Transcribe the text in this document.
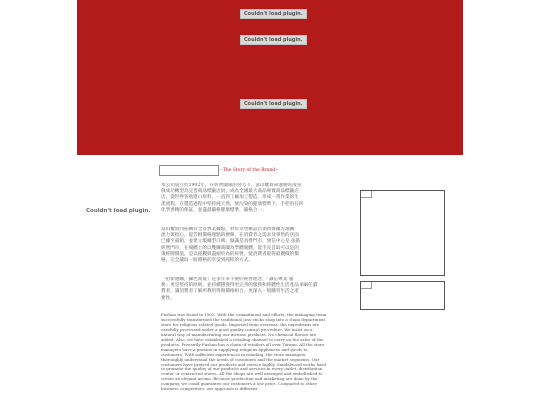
Couldn't load plugin.
Couldn't load plugin.
Couldn't load plugin.
Couldn't load plugin.
--The Story of the Brand--
本公司成立於1902年，在經營團隊的努力下，富山櫻貴命運勝的凌身
俱成功轉型為完善商品標籤店員，成為全國最大商品專賣商品標籤店
店。從世界各地進口原料，一直到工廠加工製造，形成一貫作業的生
產流程。在製造過程中堅持純天然，無污染的健康標準下，手把用任何
化學香精的保証，並盡最嚴格健康標準，嚴格合一。
富山櫻貴四拓構有全省營業據點，對於市售精品店頂新推據先選購
流力與指心，提告根價格理點的要韓，在消費者之需求及零售的店面
已據至殺銷，並建立服據型口碑，做識是真營門市，發信中心是 張貼
經營門市，在場體上的以雙購商團為學體簡體，能手長首取可以是的
策經牌價值，是以從觀與盡頭於為的經營，使消費者取得最優價的價
格，完全讓取一般價格的享受到純粹的方式。
「拍新選購，攝色商量」是多年來不變的經營理念，「誠信專業 服
務」更是堅持的原則，並持續穩發得更完善的服務和經體性生活產品來刷任讀
費者，讓消費者了解所教用得與價格組合，更深入一般購買生活之產
要性。
Fushan was found in 1902. With the commitment and efforts, the managing team successfully transformed the traditional joss sticks shop into a chain department store for religious related goods. Imported from overseas, the ingredients are carefully processed under a good quality control procedure. We insist on a natural way of manufacturing our incense products. No chemical flavors are added. Also, we have established a retailing channel to carry on the sales of the products. Presently Fushan has a chain of retailers all over Taiwan. All the store managers have a passion in supplying religious appliances and goods to customers. With sufficient experiences in retailing, the store managers thoroughly understand the needs of customers and the market segments. Our customers have praised our products and service highly. Sandalwood works hard to promote the quality of our products and services in every outlet, distribution center or contracted stores. All the shops are well arranged and embellished to create an elegant aroma. Because production and marketing are done by the company, we could guarantee our customers a low price. Compared to other business competitors, our approach is different.
